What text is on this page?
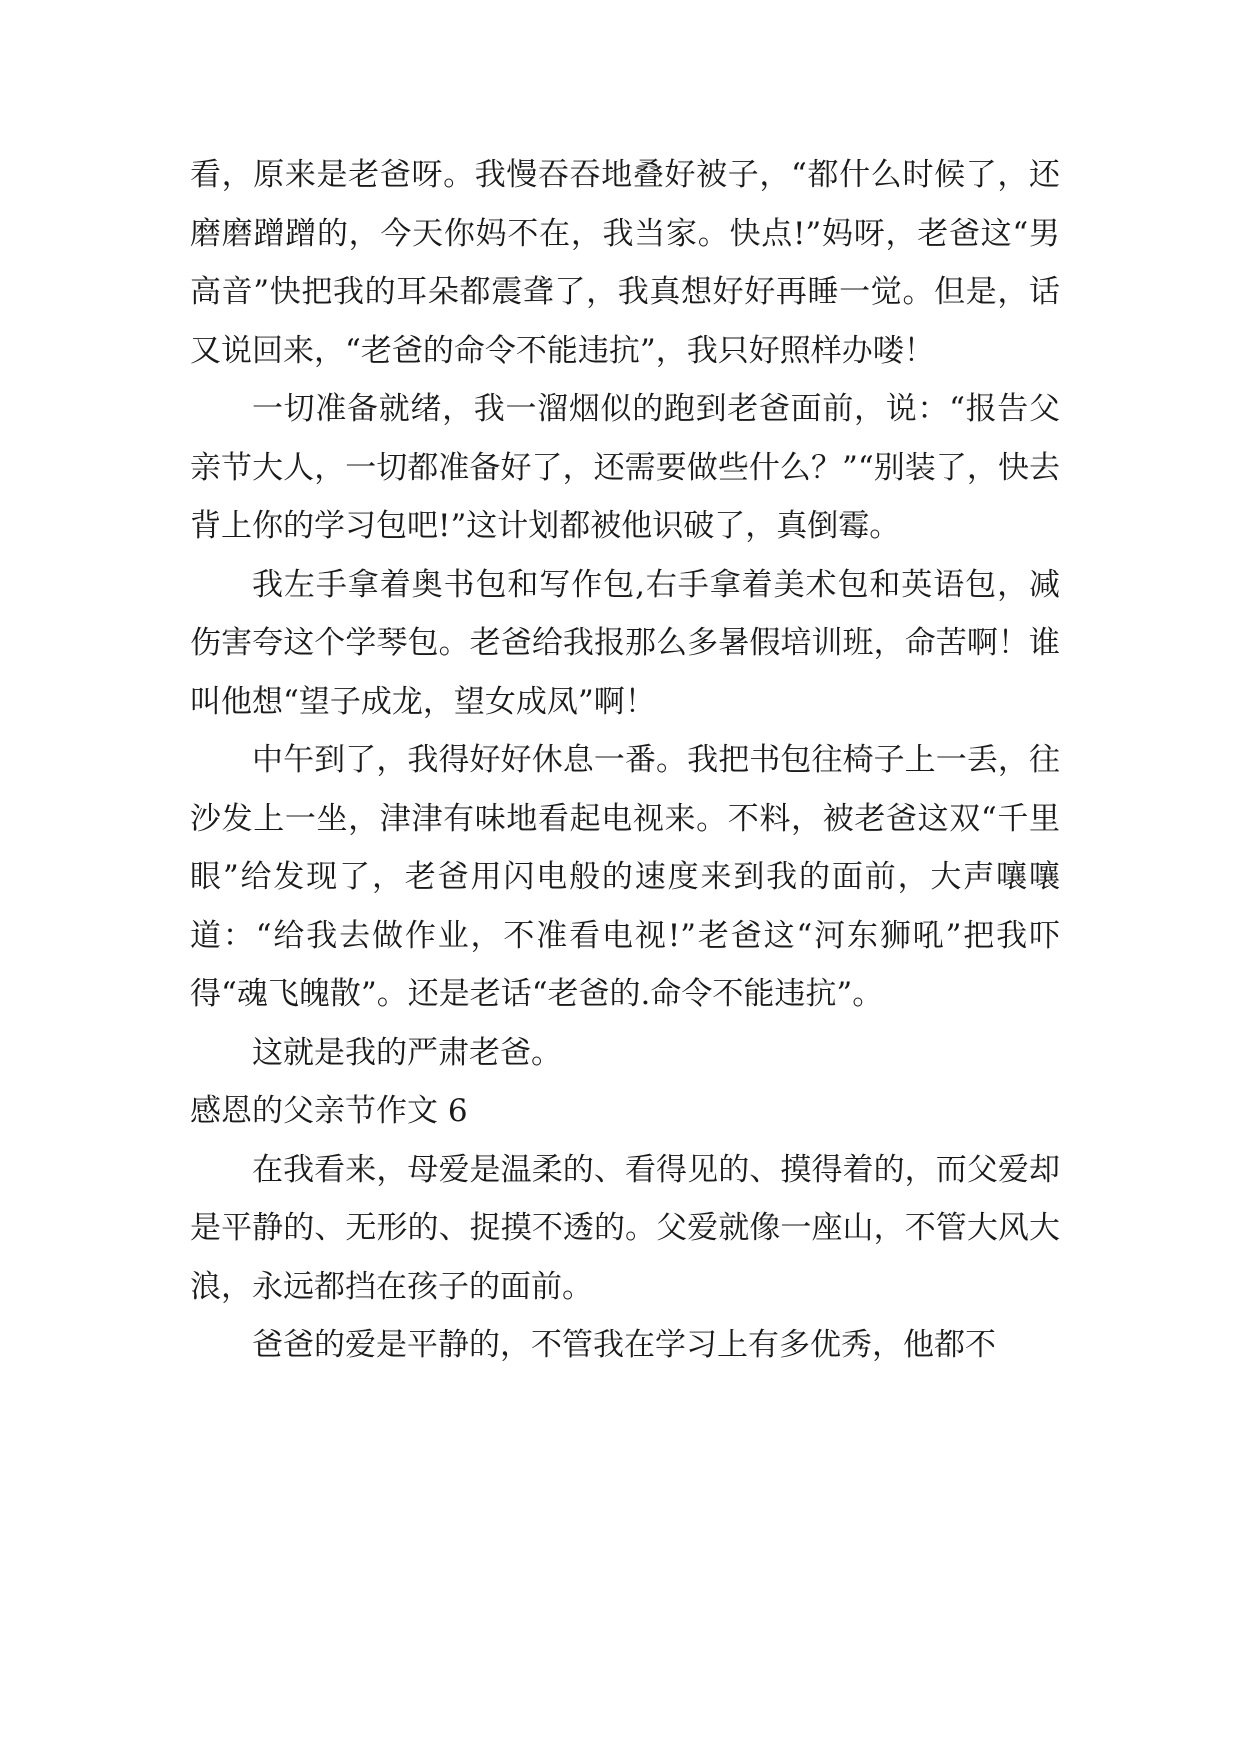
看，原来是老爸呀。我慢吞吞地叠好被子，“都什么时候了，还磨磨蹭蹭的，今天你妈不在，我当家。快点!”妈呀，老爸这“男高音”快把我的耳朵都震聋了，我真想好好再睡一觉。但是，话又说回来，“老爸的命令不能违抗”，我只好照样办喽！

一切准备就绪，我一溜烟似的跑到老爸面前，说：“报告父亲节大人，一切都准备好了，还需要做些什么？”“别装了，快去背上你的学习包吧!”这计划都被他识破了，真倒霉。

我左手拿着奥书包和写作包,右手拿着美术包和英语包，减伤害夸这个学琴包。老爸给我报那么多暑假培训班，命苦啊！谁叫他想“望子成龙，望女成凤”啊！

中午到了，我得好好休息一番。我把书包往椅子上一丢，往沙发上一坐，津津有味地看起电视来。不料，被老爸这双“千里眼”给发现了，老爸用闪电般的速度来到我的面前，大声嚷嚷道：“给我去做作业，不准看电视!”老爸这“河东狮吼”把我吓得“魂飞魄散”。还是老话“老爸的.命令不能违抗”。

这就是我的严肃老爸。

感恩的父亲节作文 6

在我看来，母爱是温柔的、看得见的、摸得着的，而父爱却是平静的、无形的、捉摸不透的。父爱就像一座山，不管大风大浪，永远都挡在孩子的面前。

爸爸的爱是平静的，不管我在学习上有多优秀，他都不
